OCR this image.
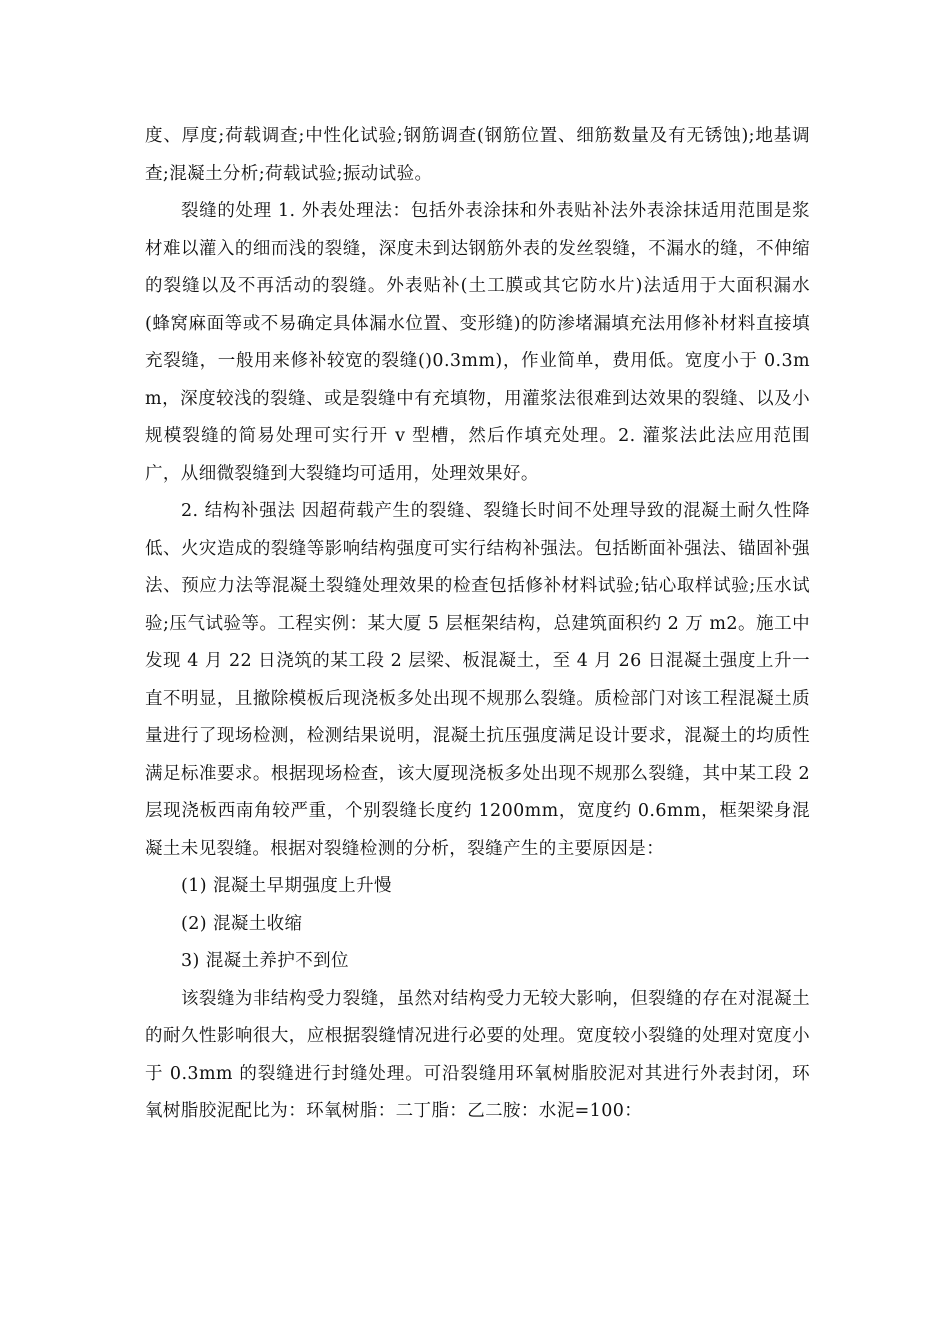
度、厚度;荷载调查;中性化试验;钢筋调查(钢筋位置、细筋数量及有无锈蚀);地基调查;混凝土分析;荷载试验;振动试验。

裂缝的处理 1. 外表处理法：包括外表涂抹和外表贴补法外表涂抹适用范围是浆材难以灌入的细而浅的裂缝，深度未到达钢筋外表的发丝裂缝，不漏水的缝，不伸缩的裂缝以及不再活动的裂缝。外表贴补(土工膜或其它防水片)法适用于大面积漏水(蜂窝麻面等或不易确定具体漏水位置、变形缝)的防渗堵漏填充法用修补材料直接填充裂缝，一般用来修补较宽的裂缝()0.3mm)，作业简单，费用低。宽度小于 0.3mm，深度较浅的裂缝、或是裂缝中有充填物，用灌浆法很难到达效果的裂缝、以及小规模裂缝的简易处理可实行开 v 型槽，然后作填充处理。2. 灌浆法此法应用范围广，从细微裂缝到大裂缝均可适用，处理效果好。

2. 结构补强法 因超荷载产生的裂缝、裂缝长时间不处理导致的混凝土耐久性降低、火灾造成的裂缝等影响结构强度可实行结构补强法。包括断面补强法、锚固补强法、预应力法等混凝土裂缝处理效果的检查包括修补材料试验;钻心取样试验;压水试验;压气试验等。工程实例：某大厦 5 层框架结构，总建筑面积约 2 万 m2。施工中发现 4 月 22 日浇筑的某工段 2 层梁、板混凝土，至 4 月 26 日混凝土强度上升一直不明显，且撤除模板后现浇板多处出现不规那么裂缝。质检部门对该工程混凝土质量进行了现场检测，检测结果说明，混凝土抗压强度满足设计要求，混凝土的均质性满足标准要求。根据现场检查，该大厦现浇板多处出现不规那么裂缝，其中某工段 2 层现浇板西南角较严重，个别裂缝长度约 1200mm，宽度约 0.6mm，框架梁身混凝土未见裂缝。根据对裂缝检测的分析，裂缝产生的主要原因是：

(1) 混凝土早期强度上升慢

(2) 混凝土收缩

3) 混凝土养护不到位

该裂缝为非结构受力裂缝，虽然对结构受力无较大影响，但裂缝的存在对混凝土的耐久性影响很大，应根据裂缝情况进行必要的处理。宽度较小裂缝的处理对宽度小于 0.3mm 的裂缝进行封缝处理。可沿裂缝用环氧树脂胶泥对其进行外表封闭，环氧树脂胶泥配比为：环氧树脂：二丁脂：乙二胺：水泥=100：
